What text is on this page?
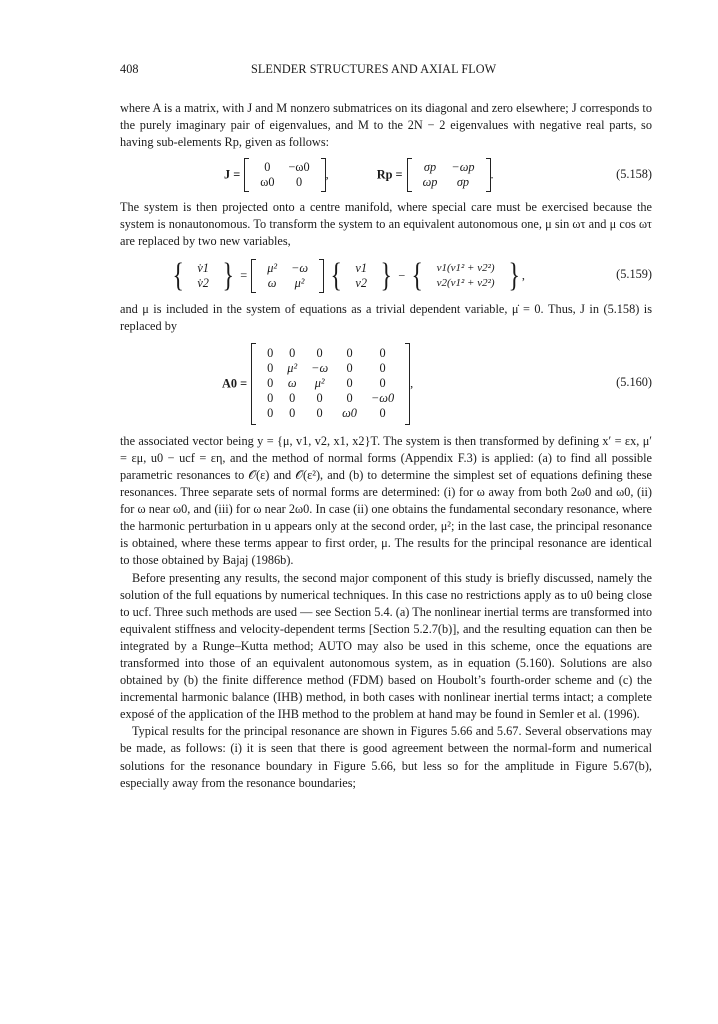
408	SLENDER STRUCTURES AND AXIAL FLOW

where A is a matrix, with J and M nonzero submatrices on its diagonal and zero elsewhere; J corresponds to the purely imaginary pair of eigenvalues, and M to the 2N − 2 eigenvalues with negative real parts, so having sub-elements Rp, given as follows:

J =  0	−ω0
ω0	0 ,	Rp =  σp	−ωp
ωp	σp .	(5.158)

The system is then projected onto a centre manifold, where special care must be exercised because the system is nonautonomous. To transform the system to an equivalent autonomous one, μ sin ωτ and μ cos ωτ are replaced by two new variables,

{ v̇1
v̇2 } =  μ²	−ω
ω	μ² { v1
v2 } − { v1(v1² + v2²)
v2(v1² + v2²) } ,	(5.159)

and μ is included in the system of equations as a trivial dependent variable, μ̇ = 0. Thus, J in (5.158) is replaced by

A0 =  0	0	0	0	0
0	μ²	−ω	0	0
0	ω	μ²	0	0
0	0	0	0	−ω0
0	0	0	ω0	0 ,	(5.160)

the associated vector being y = {μ, v1, v2, x1, x2}T. The system is then transformed by defining x′ = εx, μ′ = εμ, u0 − ucf = εη, and the method of normal forms (Appendix F.3) is applied: (a) to find all possible parametric resonances to 𝒪(ε) and 𝒪(ε²), and (b) to determine the simplest set of equations defining these resonances. Three separate sets of normal forms are determined: (i) for ω away from both 2ω0 and ω0, (ii) for ω near ω0, and (iii) for ω near 2ω0. In case (ii) one obtains the fundamental secondary resonance, where the harmonic perturbation in u appears only at the second order, μ²; in the last case, the principal resonance is obtained, where these terms appear to first order, μ. The results for the principal resonance are identical to those obtained by Bajaj (1986b).

Before presenting any results, the second major component of this study is briefly discussed, namely the solution of the full equations by numerical techniques. In this case no restrictions apply as to u0 being close to ucf. Three such methods are used — see Section 5.4. (a) The nonlinear inertial terms are transformed into equivalent stiffness and velocity-dependent terms [Section 5.2.7(b)], and the resulting equation can then be integrated by a Runge–Kutta method; AUTO may also be used in this scheme, once the equations are transformed into those of an equivalent autonomous system, as in equation (5.160). Solutions are also obtained by (b) the finite difference method (FDM) based on Houbolt’s fourth-order scheme and (c) the incremental harmonic balance (IHB) method, in both cases with nonlinear inertial terms intact; a complete exposé of the application of the IHB method to the problem at hand may be found in Semler et al. (1996).

Typical results for the principal resonance are shown in Figures 5.66 and 5.67. Several observations may be made, as follows: (i) it is seen that there is good agreement between the normal-form and numerical solutions for the resonance boundary in Figure 5.66, but less so for the amplitude in Figure 5.67(b), especially away from the resonance boundaries;
